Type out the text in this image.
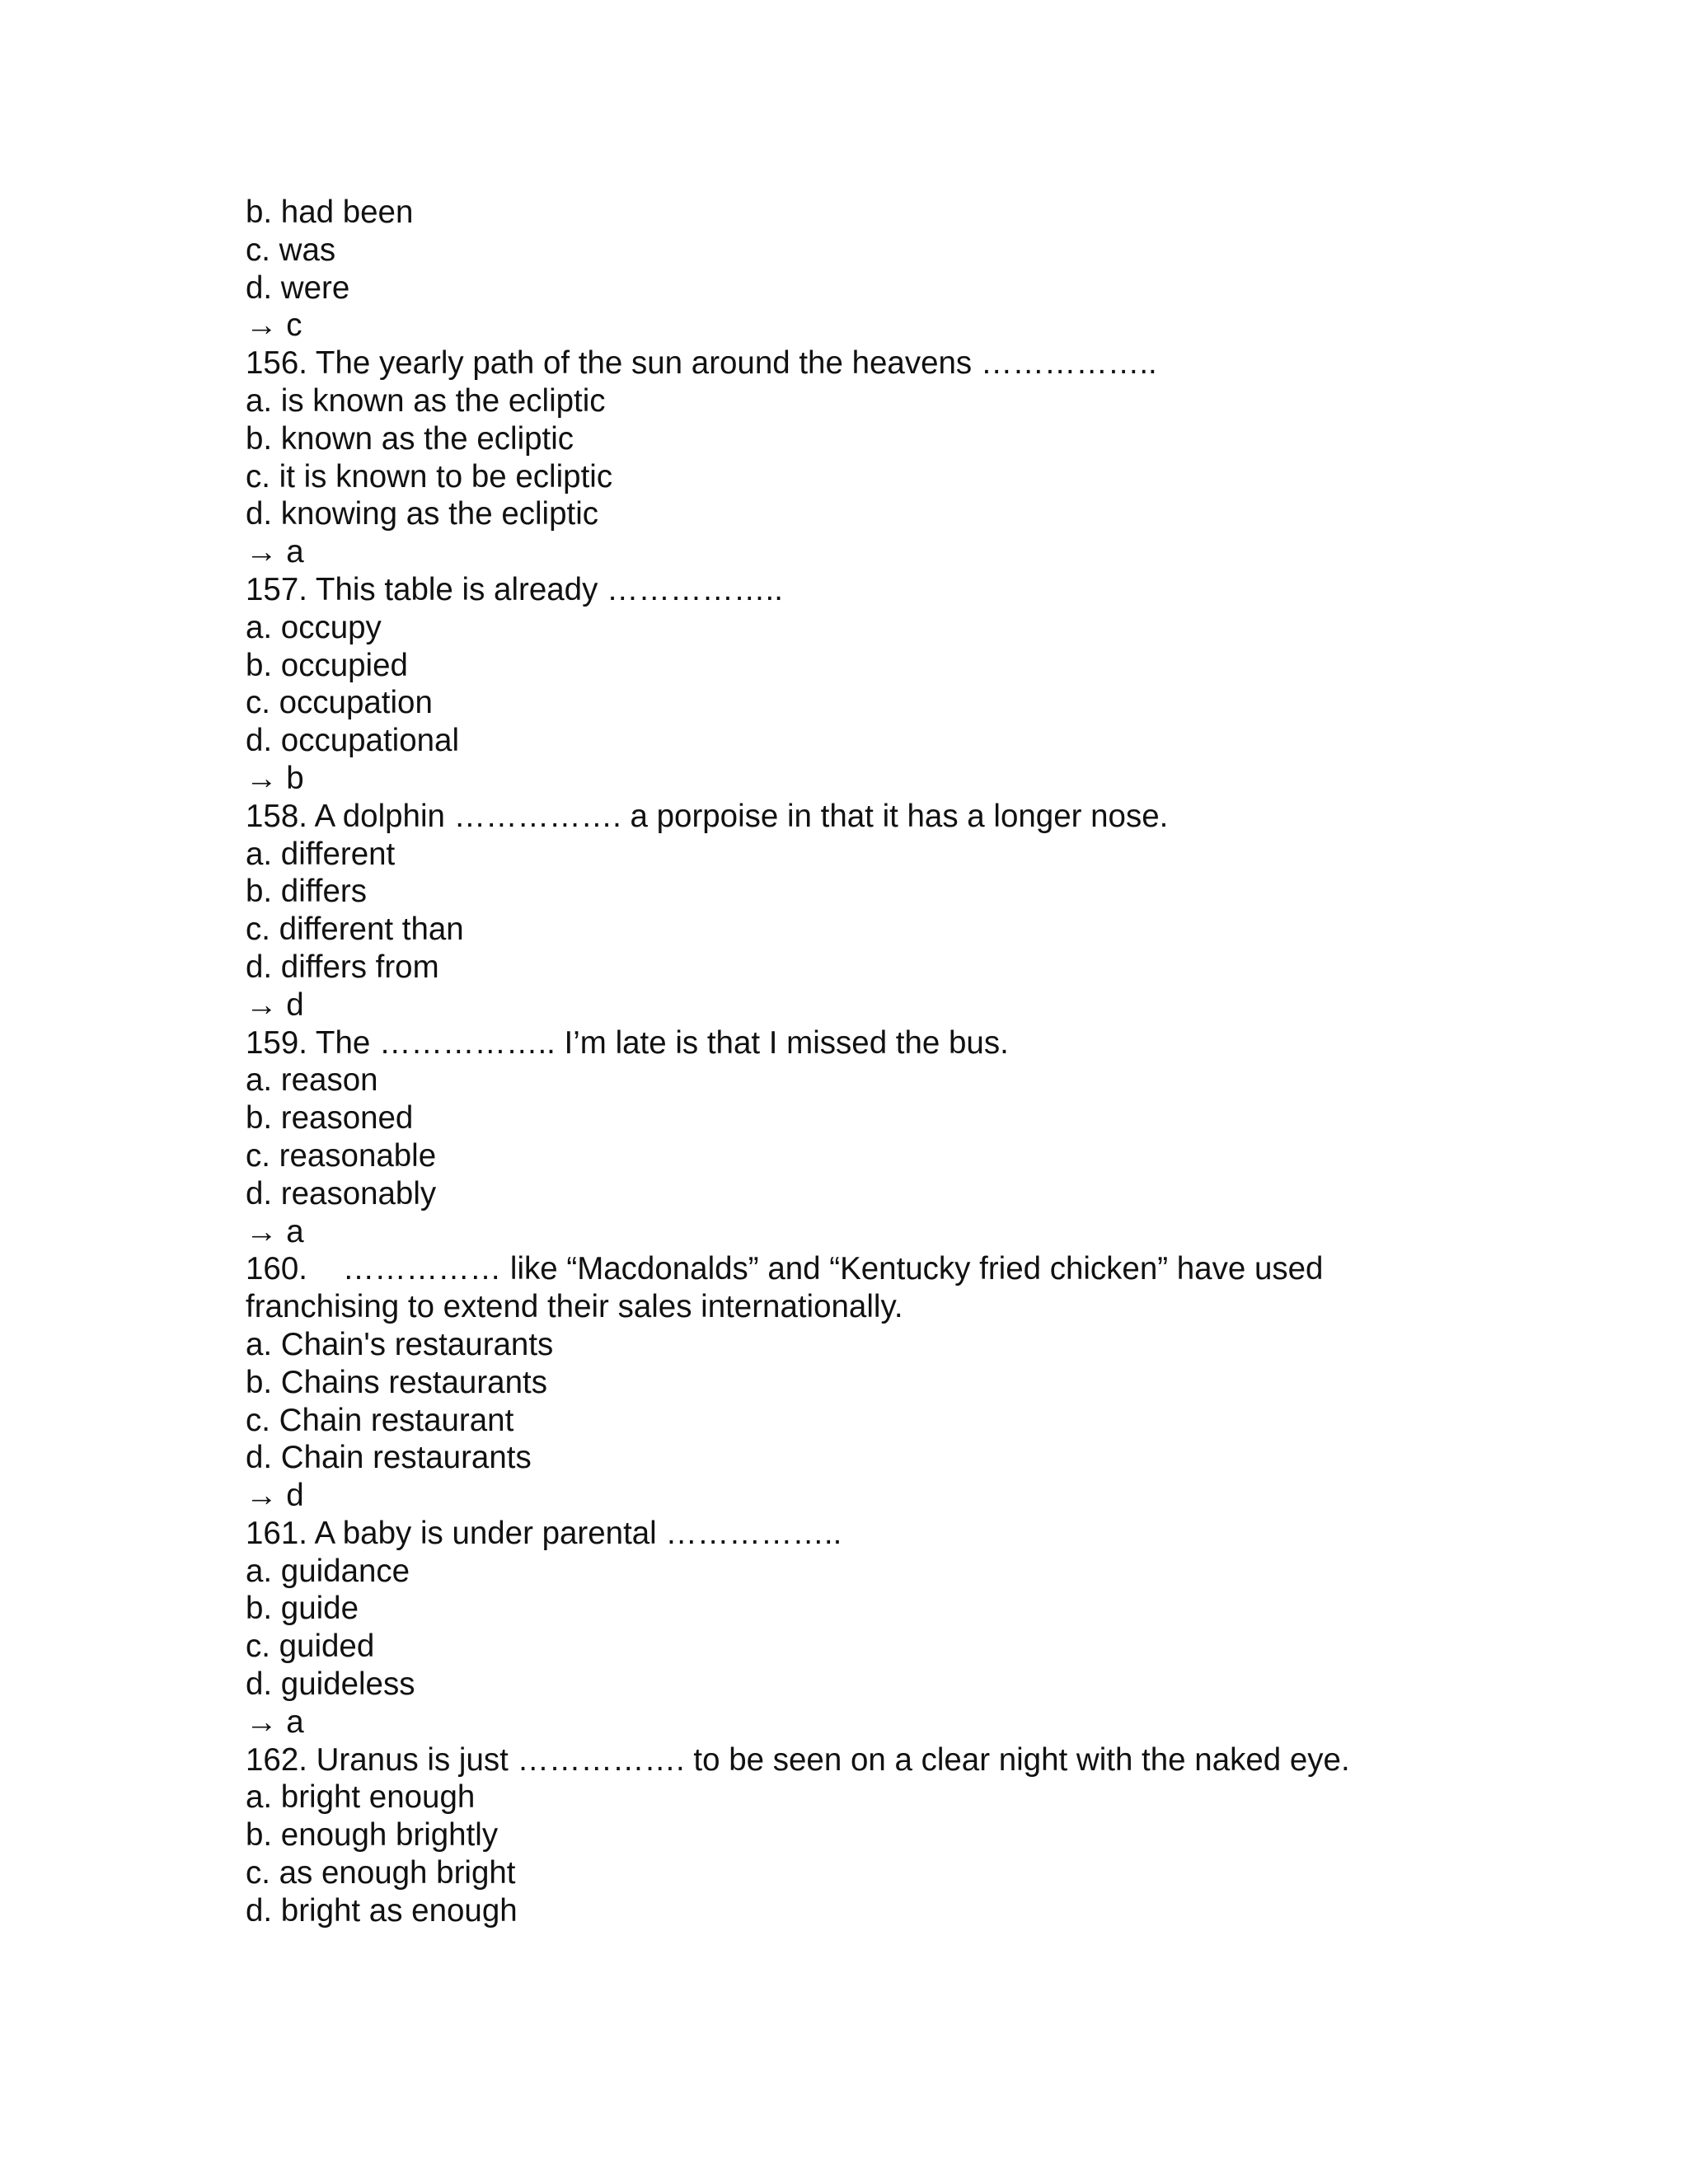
b. had been
c. was
d. were
→ c
156. The yearly path of the sun around the heavens ……………..
a. is known as the ecliptic
b. known as the ecliptic
c. it is known to be ecliptic
d. knowing as the ecliptic
→ a
157. This table is already ……………..
a. occupy
b. occupied
c. occupation
d. occupational
→ b
158. A dolphin ……………. a porpoise in that it has a longer nose.
a. different
b. differs
c. different than
d. differs from
→ d
159. The …………….. I’m late is that I missed the bus.
a. reason
b. reasoned
c. reasonable
d. reasonably
→ a
160.    …………… like “Macdonalds” and “Kentucky fried chicken” have used
franchising to extend their sales internationally.
a. Chain's restaurants
b. Chains restaurants
c. Chain restaurant
d. Chain restaurants
→ d
161. A baby is under parental ……………..
a. guidance
b. guide
c. guided
d. guideless
→ a
162. Uranus is just ……………. to be seen on a clear night with the naked eye.
a. bright enough
b. enough brightly
c. as enough bright
d. bright as enough
